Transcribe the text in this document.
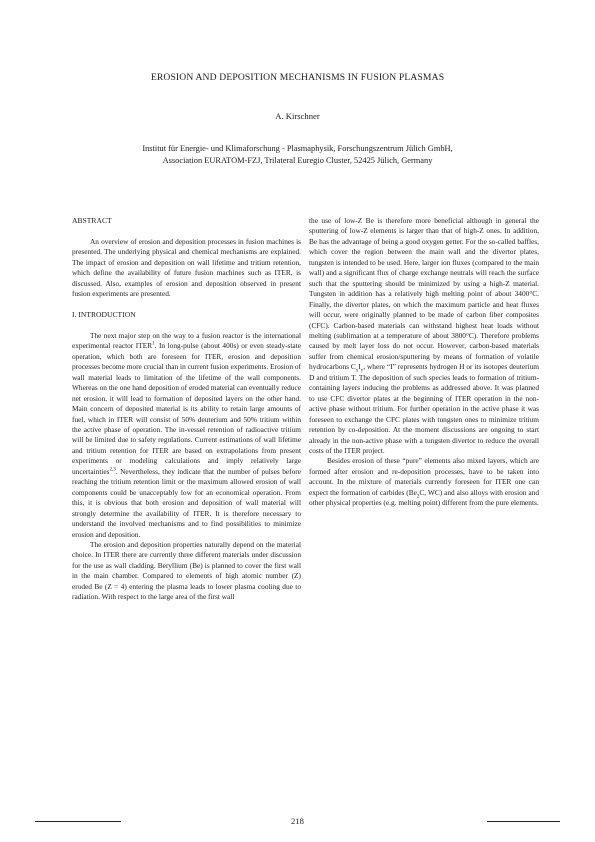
EROSION AND DEPOSITION MECHANISMS IN FUSION PLASMAS
A. Kirschner
Institut für Energie- und Klimaforschung - Plasmaphysik, Forschungszentrum Jülich GmbH,
Association EURATOM-FZJ, Trilateral Euregio Cluster, 52425 Jülich, Germany

ABSTRACT

An overview of erosion and deposition processes in fusion machines is presented. The underlying physical and chemical mechanisms are explained. The impact of erosion and deposition on wall lifetime and tritium retention, which define the availability of future fusion machines such as ITER, is discussed. Also, examples of erosion and deposition observed in present fusion experiments are presented.

I. INTRODUCTION

The next major step on the way to a fusion reactor is the international experimental reactor ITER$^1$. In long-pulse (about 400s) or even steady-state operation, which both are foreseen for ITER, erosion and deposition processes become more crucial than in current fusion experiments. Erosion of wall material leads to limitation of the lifetime of the wall components. Whereas on the one hand deposition of eroded material can eventually reduce net erosion, it will lead to formation of deposited layers on the other hand. Main concern of deposited material is its ability to retain large amounts of fuel, which in ITER will consist of 50% deuterium and 50% tritium within the active phase of operation. The in-vessel retention of radioactive tritium will be limited due to safety regulations. Current estimations of wall lifetime and tritium retention for ITER are based on extrapolations from present experiments or modeling calculations and imply relatively large uncertainties$^{2,3}$. Nevertheless, they indicate that the number of pulses before reaching the tritium retention limit or the maximum allowed erosion of wall components could be unacceptably low for an economical operation. From this, it is obvious that both erosion and deposition of wall material will strongly determine the availability of ITER. It is therefore necessary to understand the involved mechanisms and to find possibilities to minimize erosion and deposition.

The erosion and deposition properties naturally depend on the material choice. In ITER there are currently three different materials under discussion for the use as wall cladding. Beryllium (Be) is planned to cover the first wall in the main chamber. Compared to elements of high atomic number (Z) eroded Be (Z = 4) entering the plasma leads to lower plasma cooling due to radiation. With respect to the large area of the first wall

the use of low-Z Be is therefore more beneficial although in general the sputtering of low-Z elements is larger than that of high-Z ones. In addition, Be has the advantage of being a good oxygen getter. For the so-called baffles, which cover the region between the main wall and the divertor plates, tungsten is intended to be used. Here, larger ion fluxes (compared to the main wall) and a significant flux of charge exchange neutrals will reach the surface such that the sputtering should be minimized by using a high-Z material. Tungsten in addition has a relatively high melting point of about 3400°C. Finally, the divertor plates, on which the maximum particle and heat fluxes will occur, were originally planned to be made of carbon fiber composites (CFC). Carbon-based materials can withstand highest heat loads without melting (sublimation at a temperature of about 3800°C). Therefore problems caused by melt layer loss do not occur. However, carbon-based materials suffer from chemical erosion/sputtering by means of formation of volatile hydrocarbons $C_xI_y$, where “I” represents hydrogen H or its isotopes deuterium D and tritium T. The deposition of such species leads to formation of tritium-containing layers inducing the problems as addressed above. It was planned to use CFC divertor plates at the beginning of ITER operation in the non-active phase without tritium. For further operation in the active phase it was foreseen to exchange the CFC plates with tungsten ones to minimize tritium retention by co-deposition. At the moment discussions are ongoing to start already in the non-active phase with a tungsten divertor to reduce the overall costs of the ITER project.

Besides erosion of these “pure” elements also mixed layers, which are formed after erosion and re-deposition processes, have to be taken into account. In the mixture of materials currently foreseen for ITER one can expect the formation of carbides ($Be_2C$, WC) and also alloys with erosion and other physical properties (e.g. melting point) different from the pure elements.

218
